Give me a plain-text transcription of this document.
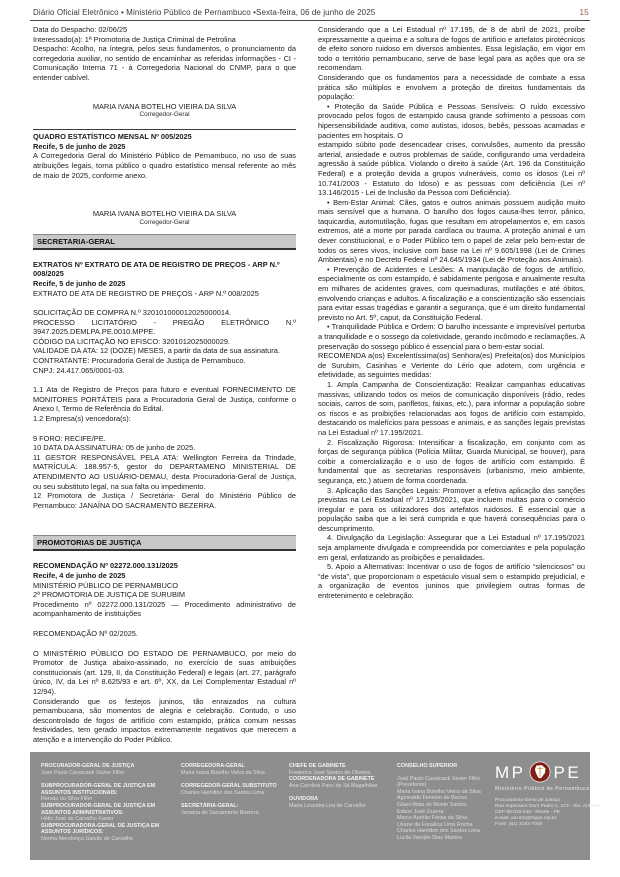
Diário Oficial Eletrônico • Ministério Público de Pernambuco •Sexta-feira, 06 de junho de 2025	15

Data do Despacho: 02/06/25

Interessado(a): 1ª Promotoria de Justiça Criminal de Petrolina

Despacho: Acolho, na íntegra, pelos seus fundamentos, o pronunciamento da corregedoria auxiliar, no sentido de encaminhar as referidas informações - CI - Comunicação Interna 71 - à Corregedoria Nacional do CNMP, para o que entender cabível.

MARIA IVANA BOTELHO VIEIRA DA SILVA
Corregedor-Geral
QUADRO ESTATÍSTICO MENSAL Nº 005/2025
Recife, 5 de junho de 2025

A Corregedoria Geral do Ministério Público de Pernambuco, no uso de suas atribuições legais, torna público o quadro estatístico mensal referente ao mês de maio de 2025, conforme anexo.

MARIA IVANA BOTELHO VIEIRA DA SILVA
Corregedor-Geral
SECRETARIA-GERAL
EXTRATOS Nº EXTRATO DE ATA DE REGISTRO DE PREÇOS - ARP N.º 008/2025
Recife, 5 de junho de 2025

EXTRATO DE ATA DE REGISTRO DE PREÇOS - ARP N.º 008/2025

SOLICITAÇÃO DE COMPRA N.º 320101000012025000014.

PROCESSO LICITATÓRIO - PREGÃO ELETRÔNICO N.º 3947.2025.DEMLPA.PE.0010.MPPE.

CÓDIGO DA LICITAÇÃO NO EFISCO: 3201012025000029.

VALIDADE DA ATA: 12 (DOZE) MESES, a partir da data de sua assinatura.

CONTRATANTE: Procuradoria Geral de Justiça de Pernambuco.

CNPJ: 24.417.065/0001-03.

1.1 Ata de Registro de Preços para futuro e eventual FORNECIMENTO DE MONITORES PORTÁTEIS para a Procuradoria Geral de Justiça, conforme o Anexo I, Termo de Referência do Edital.

1.2 Empresa(s) vencedora(s):

9 FORO: RECIFE/PE.

10 DATA DA ASSINATURA: 05 de junho de 2025.

11 GESTOR RESPONSÁVEL PELA ATA: Wellington Ferreira da Trindade, MATRÍCULA: 188.957-5, gestor do DEPARTAMENO MINISTERIAL DE ATENDIMENTO AO USUÁRIO-DEMAU, desta Procuradoria-Geral de Justiça, ou seu substituto legal, na sua falta ou impedimento.

12 Promotora de Justiça / Secretária- Geral do Ministério Público de Pernambuco: JANAÍNA DO SACRAMENTO BEZERRA.

PROMOTORIAS DE JUSTIÇA
RECOMENDAÇÃO Nº 02272.000.131/2025
Recife, 4 de junho de 2025

MINISTÉRIO PÚBLICO DE PERNAMBUCO

2ª PROMOTORIA DE JUSTIÇA DE SURUBIM

Procedimento nº 02272.000.131/2025 — Procedimento administrativo de acompanhamento de instituições

RECOMENDAÇÃO Nº 02/2025.

O MINISTÉRIO PÚBLICO DO ESTADO DE PERNAMBUCO, por meio do Promotor de Justiça abaixo-assinado, no exercício de suas atribuições constitucionais (art. 129, II, da Constituição Federal) e legais (art. 27, parágrafo único, IV, da Lei nº 8.625/93 e art. 6º, XX, da Lei Complementar Estadual nº 12/94).

Considerando que os festejos juninos, tão enraizados na cultura pernambucana, são momentos de alegria e celebração. Contudo, o uso descontrolado de fogos de artifício com estampido, prática comum nessas festividades, tem gerado impactos extremamente negativos que merecem a atenção e a intervenção do Poder Público.

Considerando que a Lei Estadual nº 17.195, de 8 de abril de 2021, proíbe expressamente a queima e a soltura de fogos de artifício e artefatos pirotécnicos de efeito sonoro ruidoso em diversos ambientes. Essa legislação, em vigor em todo o território pernambucano, serve de base legal para as ações que ora se recomendam.

Considerando que os fundamentos para a necessidade de combate a essa prática são múltiplos e envolvem a proteção de direitos fundamentais da população:

• Proteção da Saúde Pública e Pessoas Sensíveis: O ruído excessivo provocado pelos fogos de estampido causa grande sofrimento a pessoas com hipersensibilidade auditiva, como autistas, idosos, bebês, pessoas acamadas e pacientes em hospitais. O

estampido súbito pode desencadear crises, convulsões, aumento da pressão arterial, ansiedade e outros problemas de saúde, configurando uma verdadeira agressão à saúde pública. Violando o direito à saúde (Art. 196 da Constituição Federal) e a proteção devida a grupos vulneráveis, como os idosos (Lei nº 10.741/2003 - Estatuto do Idoso) e as pessoas com deficiência (Lei nº 13.146/2015 - Lei de Inclusão da Pessoa com Deficiência).

• Bem-Estar Animal: Cães, gatos e outros animais possuem audição muito mais sensível que a humana. O barulho dos fogos causa-lhes terror, pânico, taquicardia, automutilação, fugas que resultam em atropelamentos e, em casos extremos, até a morte por parada cardíaca ou trauma. A proteção animal é um dever constitucional, e o Poder Público tem o papel de zelar pelo bem-estar de todos os seres vivos, inclusive com base na Lei nº 9.605/1998 (Lei de Crimes Ambientais) e no Decreto Federal nº 24.645/1934 (Lei de Proteção aos Animais).

• Prevenção de Acidentes e Lesões: A manipulação de fogos de artifício, especialmente os com estampido, é sabidamente perigosa e anualmente resulta em milhares de acidentes graves, com queimaduras, mutilações e até óbitos, envolvendo crianças e adultos. A fiscalização e a conscientização são essenciais para evitar essas tragédias e garantir a segurança, que é um direito fundamental previsto no Art. 5º, caput, da Constituição Federal.

• Tranquilidade Pública e Ordem: O barulho incessante e imprevisível perturba a tranquilidade e o sossego da coletividade, gerando incômodo e reclamações. A preservação do sossego público é essencial para o bem-estar social.

RECOMENDA a(os) Excelentíssima(os) Senhora(es) Prefeita(os) dos Municípios de Surubim, Casinhas e Vertente do Lério que adotem, com urgência e efetividade, as seguintes medidas:

1. Ampla Campanha de Conscientização: Realizar campanhas educativas massivas, utilizando todos os meios de comunicação disponíveis (rádio, redes sociais, carros de som, panfletos, faixas, etc.), para informar a população sobre os riscos e as proibições relacionadas aos fogos de artifício com estampido, destacando os malefícios para pessoas e animais, e as sanções legais previstas na Lei Estadual nº 17.195/2021.

2. Fiscalização Rigorosa: Intensificar a fiscalização, em conjunto com as forças de segurança pública (Polícia Militar, Guarda Municipal, se houver), para coibir a comercialização e o uso de fogos de artifício com estampido. É fundamental que as secretarias responsáveis (urbanismo, meio ambiente, segurança, etc.) atuem de forma coordenada.

3. Aplicação das Sanções Legais: Promover a efetiva aplicação das sanções previstas na Lei Estadual nº 17.195/2021, que incluem multas para o comércio irregular e para os utilizadores dos artefatos ruidosos. É essencial que a população saiba que a lei será cumprida e que haverá consequências para o descumprimento.

4. Divulgação da Legislação: Assegurar que a Lei Estadual nº 17.195/2021 seja amplamente divulgada e compreendida por comerciantes e pela população em geral, enfatizando as proibições e penalidades.

5. Apoio a Alternativas: Incentivar o uso de fogos de artifício “silenciosos” ou “de vista”, que proporcionam o espetáculo visual sem o estampido prejudicial, e a organização de eventos juninos que privilegiem outras formas de entretenimento e celebração.

PROCURADOR-GERAL DE JUSTIÇA
José Paulo Cavalcanti Xavier Filho
SUBPROCURADOR-GERAL DE JUSTIÇA EM ASSUNTOS INSTITUCIONAIS:
Renato da Silva Filho
SUBPROCURADOR-GERAL DE JUSTIÇA EM ASSUNTOS ADMINISTRATIVOS:
Hélio José de Carvalho Xavier
SUBPROCURADORA-GERAL DE JUSTIÇA EM ASSUNTOS JURÍDICOS:
Norma Mendonça Galvão de Carvalho
CORREGEDORA-GERAL
Maria Ivana Botelho Vieira da Silva
CORREGEDOR-GERAL SUBSTITUTO
Charles Hamilton dos Santos Lima
SECRETÁRIA-GERAL:
Janaína do Sacramento Bezerra
CHEFE DE GABINETE
Frederico José Santos de Oliveira
COORDENADORA DE GABINETE
Ana Carolina Paes de Sá Magalhães
OUVIDORA
Maria Lizandra Lira de Carvalho
CONSELHO SUPERIOR
José Paulo Cavalcanti Xavier Filho
(Presidente)
Maria Ivana Botelho Vieira da Silva
Aguinaldo Fenelon de Barros
Gilani Mata do Monte Santos
Edson José Guerra
Marco Aurélio Farias da Silva
Liliane da Fonsêca Lima Rocha
Charles Hamilton dos Santos Lima
Lucila Varejão Dias Martins
MP PE
Ministério Público de Pernambuco
Procuradoria-Geral de Justiça
Rua Imperador Dom Pedro II, 473 - Sto. Antônio
CEP 50.010-240 - Recife - PE
e-mail: ascom@mppe.mp.br
Fone: (81) 3182-7000
